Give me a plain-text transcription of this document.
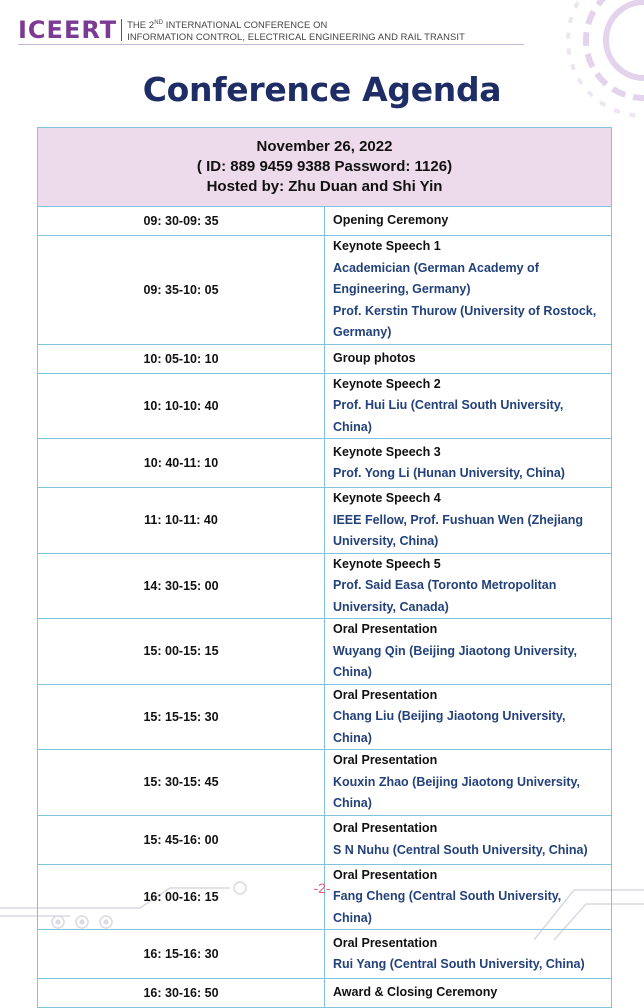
ICEERT THE 2ND INTERNATIONAL CONFERENCE ON
INFORMATION CONTROL, ELECTRICAL ENGINEERING AND RAIL TRANSIT
Conference Agenda
November 26, 2022
( ID: 889 9459 9388 Password: 1126)
Hosted by: Zhu Duan and Shi Yin	

09: 30-09: 35	Opening Ceremony

09: 35-10: 05	Keynote Speech 1
Academician (German Academy of Engineering, Germany)
Prof. Kerstin Thurow (University of Rostock, Germany)

10: 05-10: 10	Group photos

10: 10-10: 40	Keynote Speech 2
Prof. Hui Liu (Central South University, China)

10: 40-11: 10	Keynote Speech 3
Prof. Yong Li (Hunan University, China)

11: 10-11: 40	Keynote Speech 4
IEEE Fellow, Prof. Fushuan Wen (Zhejiang University, China)

14: 30-15: 00	Keynote Speech 5
Prof. Said Easa (Toronto Metropolitan University, Canada)

15: 00-15: 15	Oral Presentation
Wuyang Qin (Beijing Jiaotong University, China)

15: 15-15: 30	Oral Presentation
Chang Liu (Beijing Jiaotong University, China)

15: 30-15: 45	Oral Presentation
Kouxin Zhao (Beijing Jiaotong University, China)

15: 45-16: 00	Oral Presentation
S N Nuhu (Central South University, China)

16: 00-16: 15	Oral Presentation
Fang Cheng (Central South University, China)

16: 15-16: 30	Oral Presentation
Rui Yang (Central South University, China)

16: 30-16: 50	Award & Closing Ceremony
-2-
